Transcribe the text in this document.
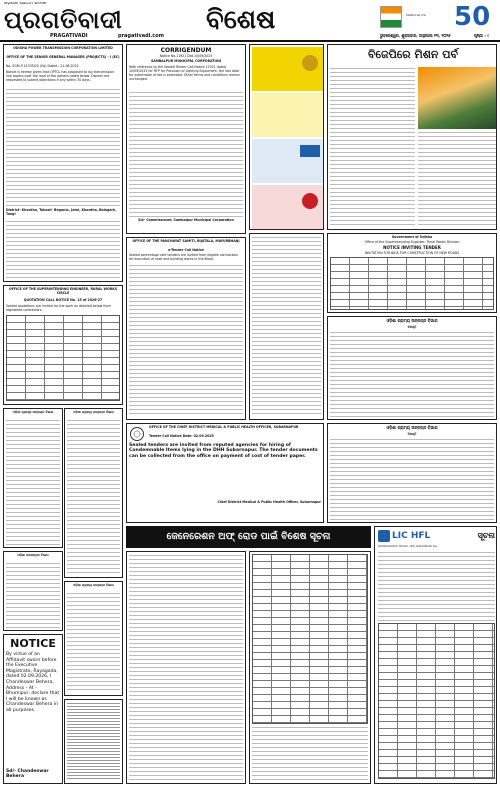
ଓଡ଼ିଶାର ପ୍ରଥମ ଦୈନିକ
ପ୍ରଗତିବାଦୀ
PRAGATIVADI	pragativadi.com
ବିଶେଷ	50
ଗୌରବମୟ ବର୍ଷ
ଭୁବନେଶ୍ୱର, ଶୁକ୍ରବାର, ଜାନୁଆରୀ ୨୩, ୨୦୨୬	ପୃଷ୍ଠା : ୯
ODISHA POWER TRANSMISSION CORPORATION LIMITED
OFFICE OF THE SENIOR GENERAL MANAGER (PROJECTS) - I (EC)
No. SGM-P-I/1535/25 (Eq) Dated : 21.08.2025
Notice is hereby given that OPTCL has proposed to lay transmission line towers over the land of the owners noted below. Owners are requested to submit objections if any within 30 days.
District- Khordha, Tahasil- Begunia, Jatni, Khordha, Bolagarh, Tangi
OFFICE OF THE SUPERINTENDING ENGINEER, RURAL WORKS CIRCLE
QUOTATION CALL NOTICE No. 15 of 2026-27
Sealed quotations are invited for the work as detailed below from registered contractors.
ଓଡ଼ିଶା ଗ୍ରାମ୍ୟ ଉନ୍ନୟନ ବିଭାଗ	ଓଡ଼ିଶା ଗ୍ରାମ୍ୟ ଉନ୍ନୟନ ବିଭାଗ
ଓଡ଼ିଶା ଜଳସମ୍ପଦ ବିଭାଗ
ଓଡ଼ିଶା ଗ୍ରାମ୍ୟ ଉନ୍ନୟନ ବିଭାଗ
NOTICE
By virtue of an Affidavit sworn before the Executive Magistrate, Rayagada, dated 02.09.2026, I Chandeswar Behera, Address - At - Bhumipur, declare that I will be known as Chandeswar Behera in all purposes.
Sd/- Chandeswar Behera
CORRIGENDUM
Notice No.11921 Dtd.10/09/2025
SAMBALPUR MUNICIPAL CORPORATION
With reference to the Sealed Tender Call Notice 11921 dated 10/09/2025 for RFP for Provision of Lighting Equipment, the last date for submission of bid is extended. Other terms and conditions remain unchanged.
Sd/- Commissioner, Sambalpur Municipal Corporation
OFFICE OF THE PANCHAYAT SAMITI, BIJATALA, MAYURBHANJ
e-Tender Call Notice
Sealed percentage rate tenders are invited from eligible contractors for execution of road and building works in the Block.
OFFICE OF THE CHIEF DISTRICT MEDICAL & PUBLIC HEALTH OFFICER, SUBARNAPUR
Tender Call Notice Date: 02.09.2025
Sealed tenders are invited from reputed agencies for hiring of Condemnable Items lying in the DHH Subarnapur. The tender documents can be collected from the office on payment of cost of tender paper.
Chief District Medical & Public Health Officer, Subarnapur
ବିଜେପିରେ ମିଶନ ପର୍ବ
Government of Odisha
Office of the Superintending Engineer, Rural Works Division
NOTICE INVITING TENDER
INVITATION FOR BIDS FOR CONSTRUCTION OF NEW ROADS
ଓଡ଼ିଶା ଗ୍ରାମ୍ୟ ଉନ୍ନୟନ ବିଭାଗ
ବିଜ୍ଞପ୍ତି
ଓଡ଼ିଶା ଗ୍ରାମ୍ୟ ଉନ୍ନୟନ ବିଭାଗ
ବିଜ୍ଞପ୍ତି
ଜେନେରେଶନ ଅଫ୍ ରୋଡ ପାଇଁ ବିଶେଷ ସୂଚନା	LIC HFL	ସୂଚନା
ସର୍ବସାଧାରଣଙ୍କ ଅବଗତି ପାଇଁ ଜଣାଯାଉଅଛି ଯେ
